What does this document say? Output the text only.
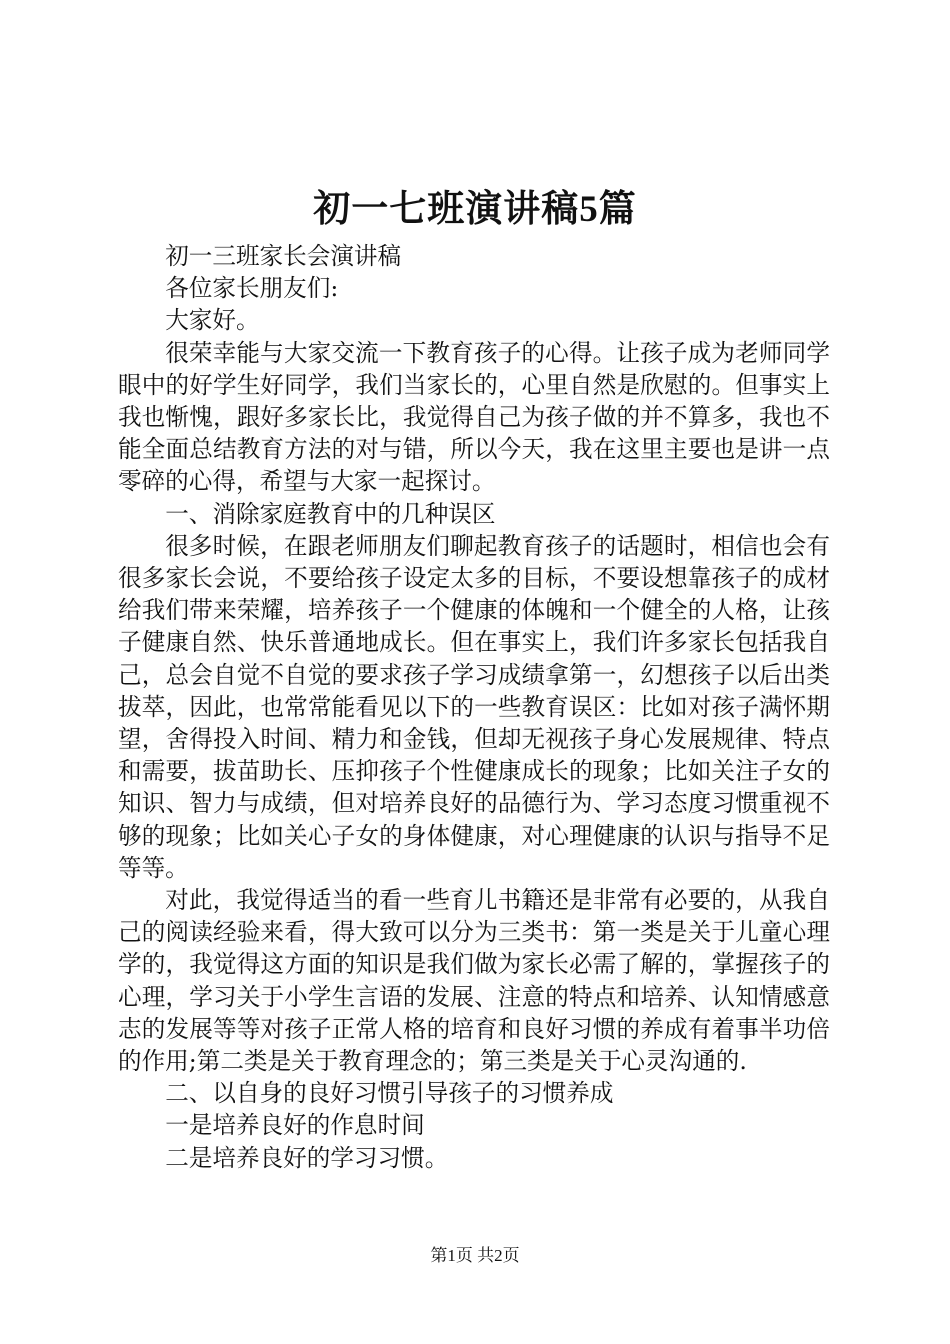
初一七班演讲稿5篇

初一三班家长会演讲稿

各位家长朋友们:

大家好。

很荣幸能与大家交流一下教育孩子的心得。让孩子成为老师同学眼中的好学生好同学，我们当家长的，心里自然是欣慰的。但事实上我也惭愧，跟好多家长比，我觉得自己为孩子做的并不算多，我也不能全面总结教育方法的对与错，所以今天，我在这里主要也是讲一点零碎的心得，希望与大家一起探讨。

一、消除家庭教育中的几种误区

很多时候，在跟老师朋友们聊起教育孩子的话题时，相信也会有很多家长会说，不要给孩子设定太多的目标，不要设想靠孩子的成材给我们带来荣耀，培养孩子一个健康的体魄和一个健全的人格，让孩子健康自然、快乐普通地成长。但在事实上，我们许多家长包括我自己，总会自觉不自觉的要求孩子学习成绩拿第一，幻想孩子以后出类拔萃，因此，也常常能看见以下的一些教育误区：比如对孩子满怀期望，舍得投入时间、精力和金钱，但却无视孩子身心发展规律、特点和需要，拔苗助长、压抑孩子个性健康成长的现象；比如关注子女的知识、智力与成绩，但对培养良好的品德行为、学习态度习惯重视不够的现象；比如关心子女的身体健康，对心理健康的认识与指导不足等等。

对此，我觉得适当的看一些育儿书籍还是非常有必要的，从我自己的阅读经验来看，得大致可以分为三类书：第一类是关于儿童心理学的，我觉得这方面的知识是我们做为家长必需了解的，掌握孩子的心理，学习关于小学生言语的发展、注意的特点和培养、认知情感意志的发展等等对孩子正常人格的培育和良好习惯的养成有着事半功倍的作用;第二类是关于教育理念的；第三类是关于心灵沟通的.

二、以自身的良好习惯引导孩子的习惯养成

一是培养良好的作息时间

二是培养良好的学习习惯。

第1页 共2页
